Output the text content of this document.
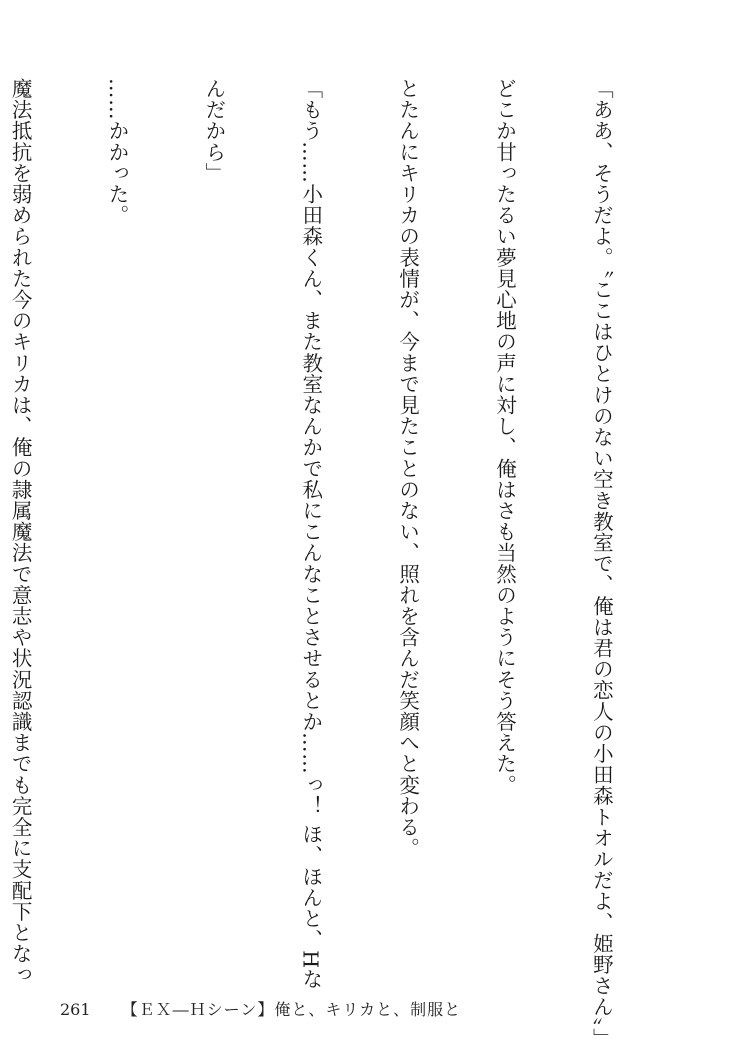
「ああ、そうだよ。〝ここはひとけのない空き教室で、俺は君の恋人の小田森トオルだよ、姫野さん〟」

どこか甘ったるい夢見心地の声に対し、俺はさも当然のようにそう答えた。

とたんにキリカの表情が、今まで見たことのない、照れを含んだ笑顔へと変わる。

「もう……小田森くん、また教室なんかで私にこんなことさせるとか……っ！ ほ、ほんと、Hな

んだから」

……かかった。

魔法抵抗を弱められた今のキリカは、俺の隷属魔法で意志や状況認識までも完全に支配下となっ

261 【ＥＸ―Ｈシーン】俺と、キリカと、制服と
